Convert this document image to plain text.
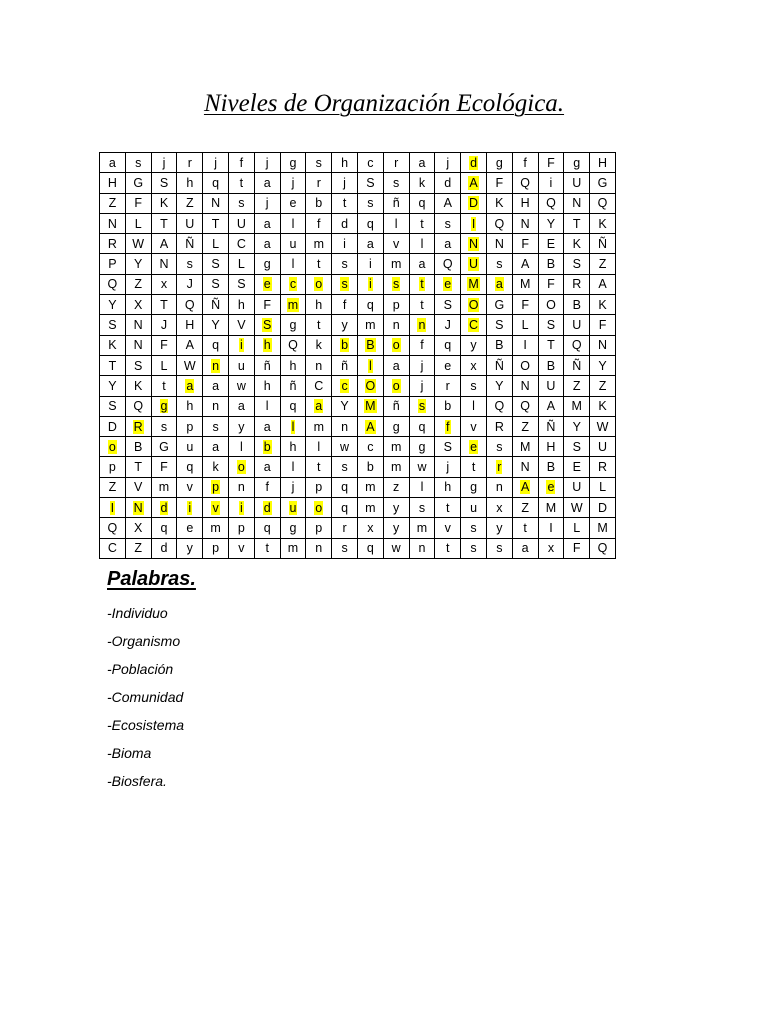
Niveles de Organización Ecológica.
a	s	j	r	j	f	j	g	s	h	c	r	a	j	d	g	f	F	g	H
H	G	S	h	q	t	a	j	r	j	S	s	k	d	A	F	Q	i	U	G
Z	F	K	Z	N	s	j	e	b	t	s	ñ	q	A	D	K	H	Q	N	Q
N	L	T	U	T	U	a	l	f	d	q	l	t	s	I	Q	N	Y	T	K
R	W	A	Ñ	L	C	a	u	m	i	a	v	l	a	N	N	F	E	K	Ñ
P	Y	N	s	S	L	g	l	t	s	i	m	a	Q	U	s	A	B	S	Z
Q	Z	x	J	S	S	e	c	o	s	i	s	t	e	M	a	M	F	R	A
Y	X	T	Q	Ñ	h	F	m	h	f	q	p	t	S	O	G	F	O	B	K
S	N	J	H	Y	V	S	g	t	y	m	n	n	J	C	S	L	S	U	F
K	N	F	A	q	i	h	Q	k	b	B	o	f	q	y	B	I	T	Q	N
T	S	L	W	n	u	ñ	h	n	ñ	l	a	j	e	x	Ñ	O	B	Ñ	Y
Y	K	t	a	a	w	h	ñ	C	c	O	o	j	r	s	Y	N	U	Z	Z
S	Q	g	h	n	a	l	q	a	Y	M	ñ	s	b	l	Q	Q	A	M	K
D	R	s	p	s	y	a	l	m	n	A	g	q	f	v	R	Z	Ñ	Y	W
o	B	G	u	a	l	b	h	l	w	c	m	g	S	e	s	M	H	S	U
p	T	F	q	k	o	a	l	t	s	b	m	w	j	t	r	N	B	E	R
Z	V	m	v	p	n	f	j	p	q	m	z	l	h	g	n	A	e	U	L
I	N	d	i	v	i	d	u	o	q	m	y	s	t	u	x	Z	M	W	D
Q	X	q	e	m	p	q	g	p	r	x	y	m	v	s	y	t	I	L	M
C	Z	d	y	p	v	t	m	n	s	q	w	n	t	s	s	a	x	F	Q
Palabras.
-Individuo
-Organismo
-Población
-Comunidad
-Ecosistema
-Bioma
-Biosfera.
